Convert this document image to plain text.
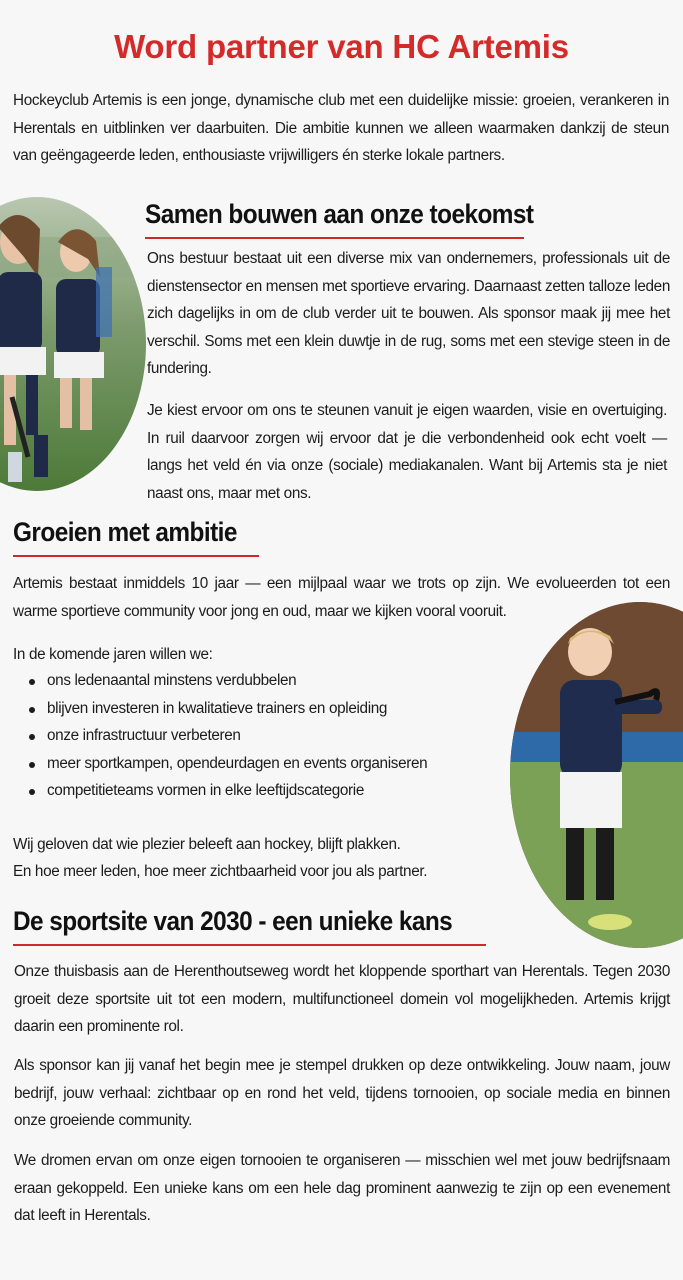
Word partner van HC Artemis

Hockeyclub Artemis is een jonge, dynamische club met een duidelijke missie: groeien, verankeren in Herentals en uitblinken ver daarbuiten. Die ambitie kunnen we alleen waarmaken dankzij de steun van geëngageerde leden, enthousiaste vrijwilligers én sterke lokale partners.

Samen bouwen aan onze toekomst

Ons bestuur bestaat uit een diverse mix van ondernemers, professionals uit de dienstensector en mensen met sportieve ervaring. Daarnaast zetten talloze leden zich dagelijks in om de club verder uit te bouwen. Als sponsor maak jij mee het verschil. Soms met een klein duwtje in de rug, soms met een stevige steen in de fundering.

Je kiest ervoor om ons te steunen vanuit je eigen waarden, visie en overtuiging. In ruil daarvoor zorgen wij ervoor dat je die verbondenheid ook echt voelt — langs het veld én via onze (sociale) mediakanalen. Want bij Artemis sta je niet naast ons, maar met ons.

Groeien met ambitie

Artemis bestaat inmiddels 10 jaar — een mijlpaal waar we trots op zijn. We evolueerden tot een warme sportieve community voor jong en oud, maar we kijken vooral vooruit.

In de komende jaren willen we:

ons ledenaantal minstens verdubbelen
blijven investeren in kwalitatieve trainers en opleiding
onze infrastructuur verbeteren
meer sportkampen, opendeurdagen en events organiseren
competitieteams vormen in elke leeftijdscategorie

Wij geloven dat wie plezier beleeft aan hockey, blijft plakken.

En hoe meer leden, hoe meer zichtbaarheid voor jou als partner.

De sportsite van 2030 - een unieke kans

Onze thuisbasis aan de Herenthoutseweg wordt het kloppende sporthart van Herentals. Tegen 2030 groeit deze sportsite uit tot een modern, multifunctioneel domein vol mogelijkheden. Artemis krijgt daarin een prominente rol.

Als sponsor kan jij vanaf het begin mee je stempel drukken op deze ontwikkeling. Jouw naam, jouw bedrijf, jouw verhaal: zichtbaar op en rond het veld, tijdens tornooien, op sociale media en binnen onze groeiende community.

We dromen ervan om onze eigen tornooien te organiseren — misschien wel met jouw bedrijfsnaam eraan gekoppeld. Een unieke kans om een hele dag prominent aanwezig te zijn op een evenement dat leeft in Herentals.
